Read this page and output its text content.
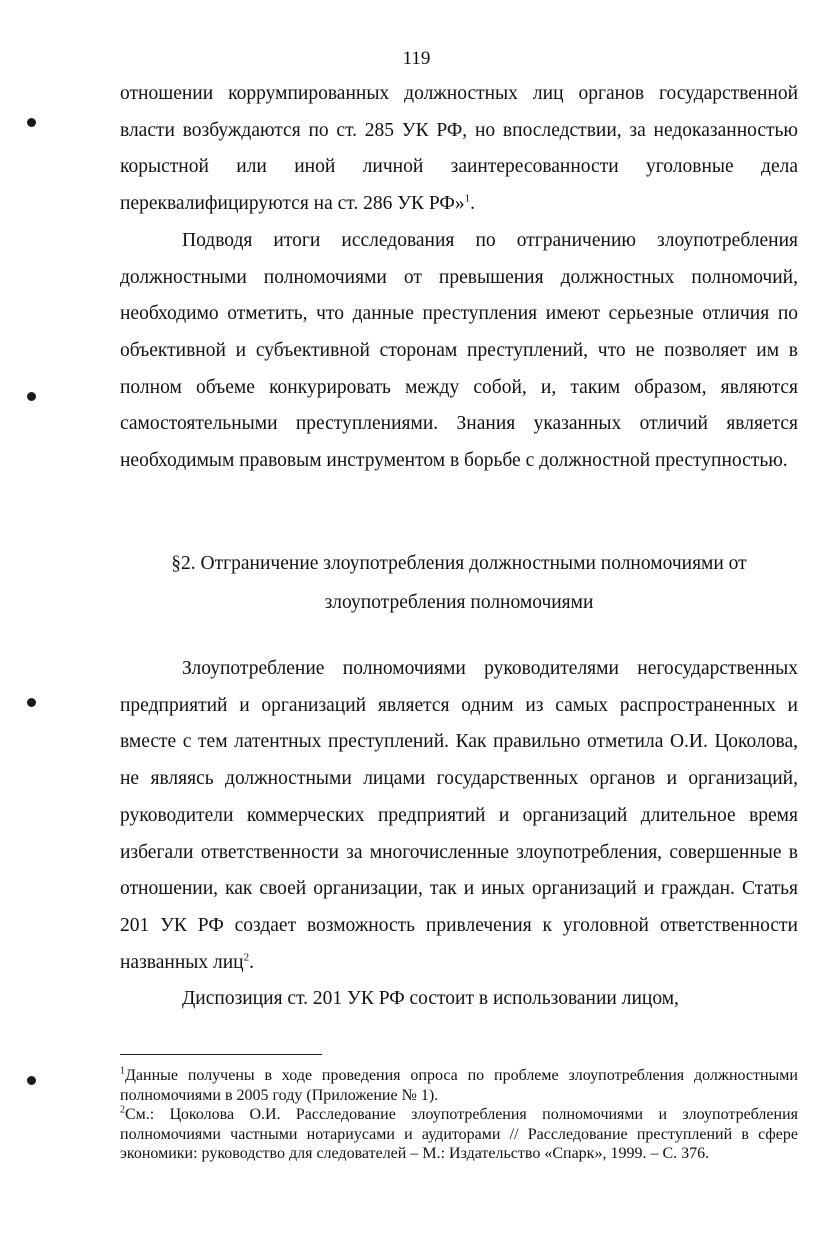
119

отношении коррумпированных должностных лиц органов государственной власти возбуждаются по ст. 285 УК РФ, но впоследствии, за недоказанностью корыстной или иной личной заинтересованности уголовные дела переквалифицируются на ст. 286 УК РФ»$^1$.

Подводя итоги исследования по отграничению злоупотребления должностными полномочиями от превышения должностных полномочий, необходимо отметить, что данные преступления имеют серьезные отличия по объективной и субъективной сторонам преступлений, что не позволяет им в полном объеме конкурировать между собой, и, таким образом, являются самостоятельными преступлениями. Знания указанных отличий является необходимым правовым инструментом в борьбе с должностной преступностью.

§2. Отграничение злоупотребления должностными полномочиями от
злоупотребления полномочиями

Злоупотребление полномочиями руководителями негосударственных предприятий и организаций является одним из самых распространенных и вместе с тем латентных преступлений. Как правильно отметила О.И. Цоколова, не являясь должностными лицами государственных органов и организаций, руководители коммерческих предприятий и организаций длительное время избегали ответственности за многочисленные злоупотребления, совершенные в отношении, как своей организации, так и иных организаций и граждан. Статья 201 УК РФ создает возможность привлечения к уголовной ответственности названных лиц$^2$.

Диспозиция ст. 201 УК РФ состоит в использовании лицом,

$^1$Данные получены в ходе проведения опроса по проблеме злоупотребления должностными полномочиями в 2005 году (Приложение № 1).

$^2$См.: Цоколова О.И. Расследование злоупотребления полномочиями и злоупотребления полномочиями частными нотариусами и аудиторами // Расследование преступлений в сфере экономики: руководство для следователей – М.: Издательство «Спарк», 1999. – С. 376.
